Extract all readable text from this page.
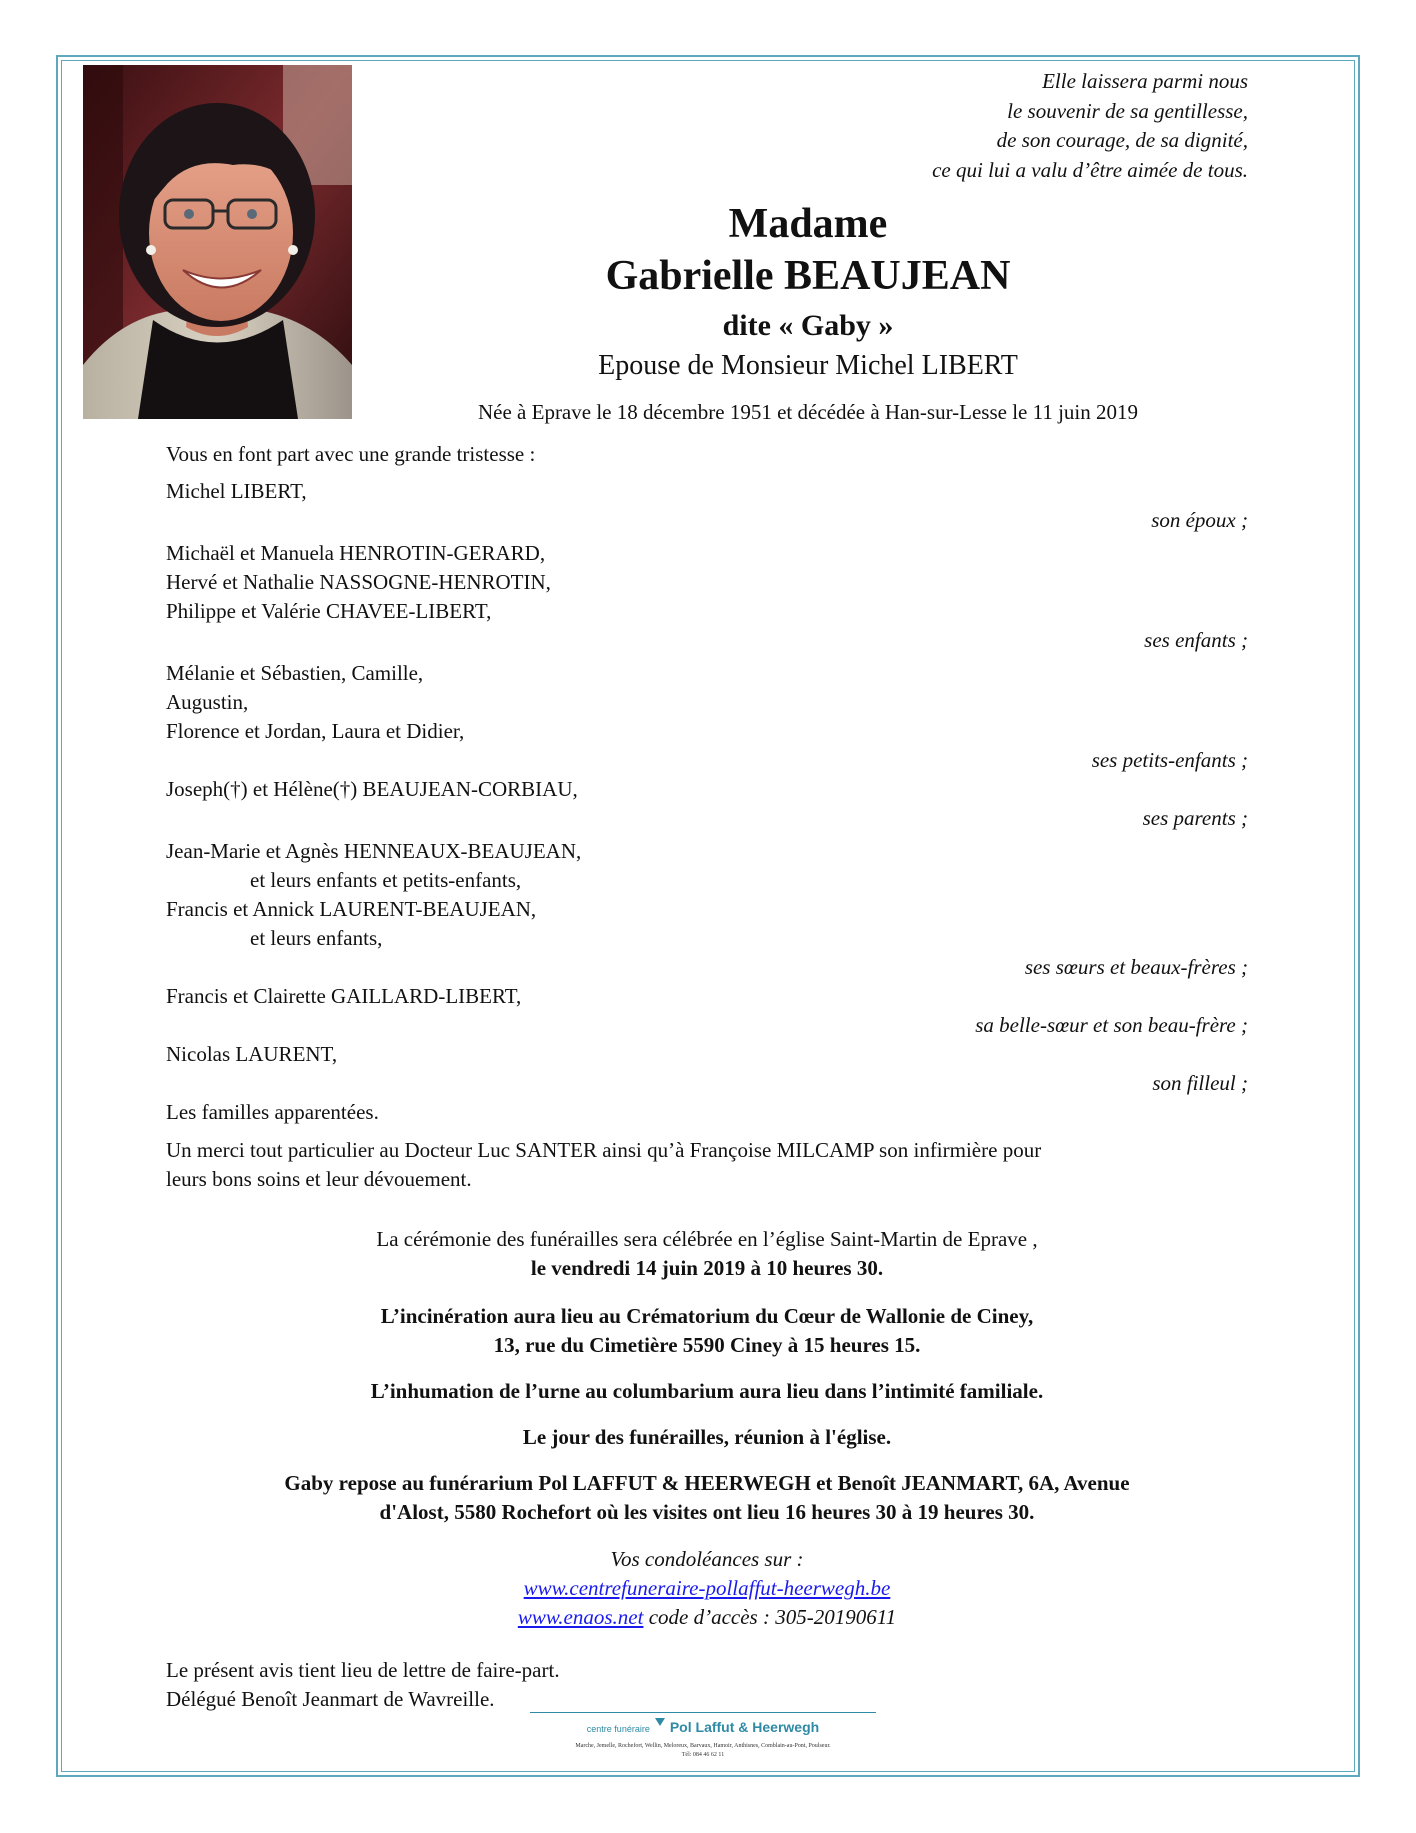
Elle laissera parmi nous
le souvenir de sa gentillesse,
de son courage, de sa dignité,
ce qui lui a valu d’être aimée de tous.
Madame
Gabrielle BEAUJEAN
dite « Gaby »
Epouse de Monsieur Michel LIBERT
Née à Eprave le 18 décembre 1951 et décédée à Han-sur-Lesse le 11 juin 2019
Vous en font part avec une grande tristesse :
Michel LIBERT,
son époux ;
Michaël et Manuela HENROTIN-GERARD,
Hervé et Nathalie NASSOGNE-HENROTIN,
Philippe et Valérie CHAVEE-LIBERT,
ses enfants ;
Mélanie et Sébastien, Camille,
Augustin,
Florence et Jordan, Laura et Didier,
ses petits-enfants ;
Joseph(†) et Hélène(†) BEAUJEAN-CORBIAU,
ses parents ;
Jean-Marie et Agnès HENNEAUX-BEAUJEAN,
et leurs enfants et petits-enfants,
Francis et Annick LAURENT-BEAUJEAN,
et leurs enfants,
ses sœurs et beaux-frères ;
Francis et Clairette GAILLARD-LIBERT,
sa belle-sœur et son beau-frère ;
Nicolas LAURENT,
son filleul ;
Les familles apparentées.
Un merci tout particulier au Docteur Luc SANTER ainsi qu’à Françoise MILCAMP son infirmière pour
leurs bons soins et leur dévouement.
La cérémonie des funérailles sera célébrée en l’église Saint-Martin de Eprave ,
le vendredi 14 juin 2019 à 10 heures 30.
L’incinération aura lieu au Crématorium du Cœur de Wallonie de Ciney,
13, rue du Cimetière 5590 Ciney à 15 heures 15.
L’inhumation de l’urne au columbarium aura lieu dans l’intimité familiale.
Le jour des funérailles, réunion à l'église.
Gaby repose au funérarium Pol LAFFUT & HEERWEGH et Benoît JEANMART, 6A, Avenue
d'Alost, 5580 Rochefort où les visites ont lieu 16 heures 30 à 19 heures 30.
Vos condoléances sur :
www.centrefuneraire-pollaffut-heerwegh.be
www.enaos.net code d’accès : 305-20190611
Le présent avis tient lieu de lettre de faire-part.
Délégué Benoît Jeanmart de Wavreille.
centre funéraire Pol Laffut & Heerwegh
Marche, Jemelle, Rochefort, Wellin, Meloreux, Barvaux, Hamoir, Anthisnes, Comblain-au-Pont, Poulseur.
Tél: 084 46 62 11
